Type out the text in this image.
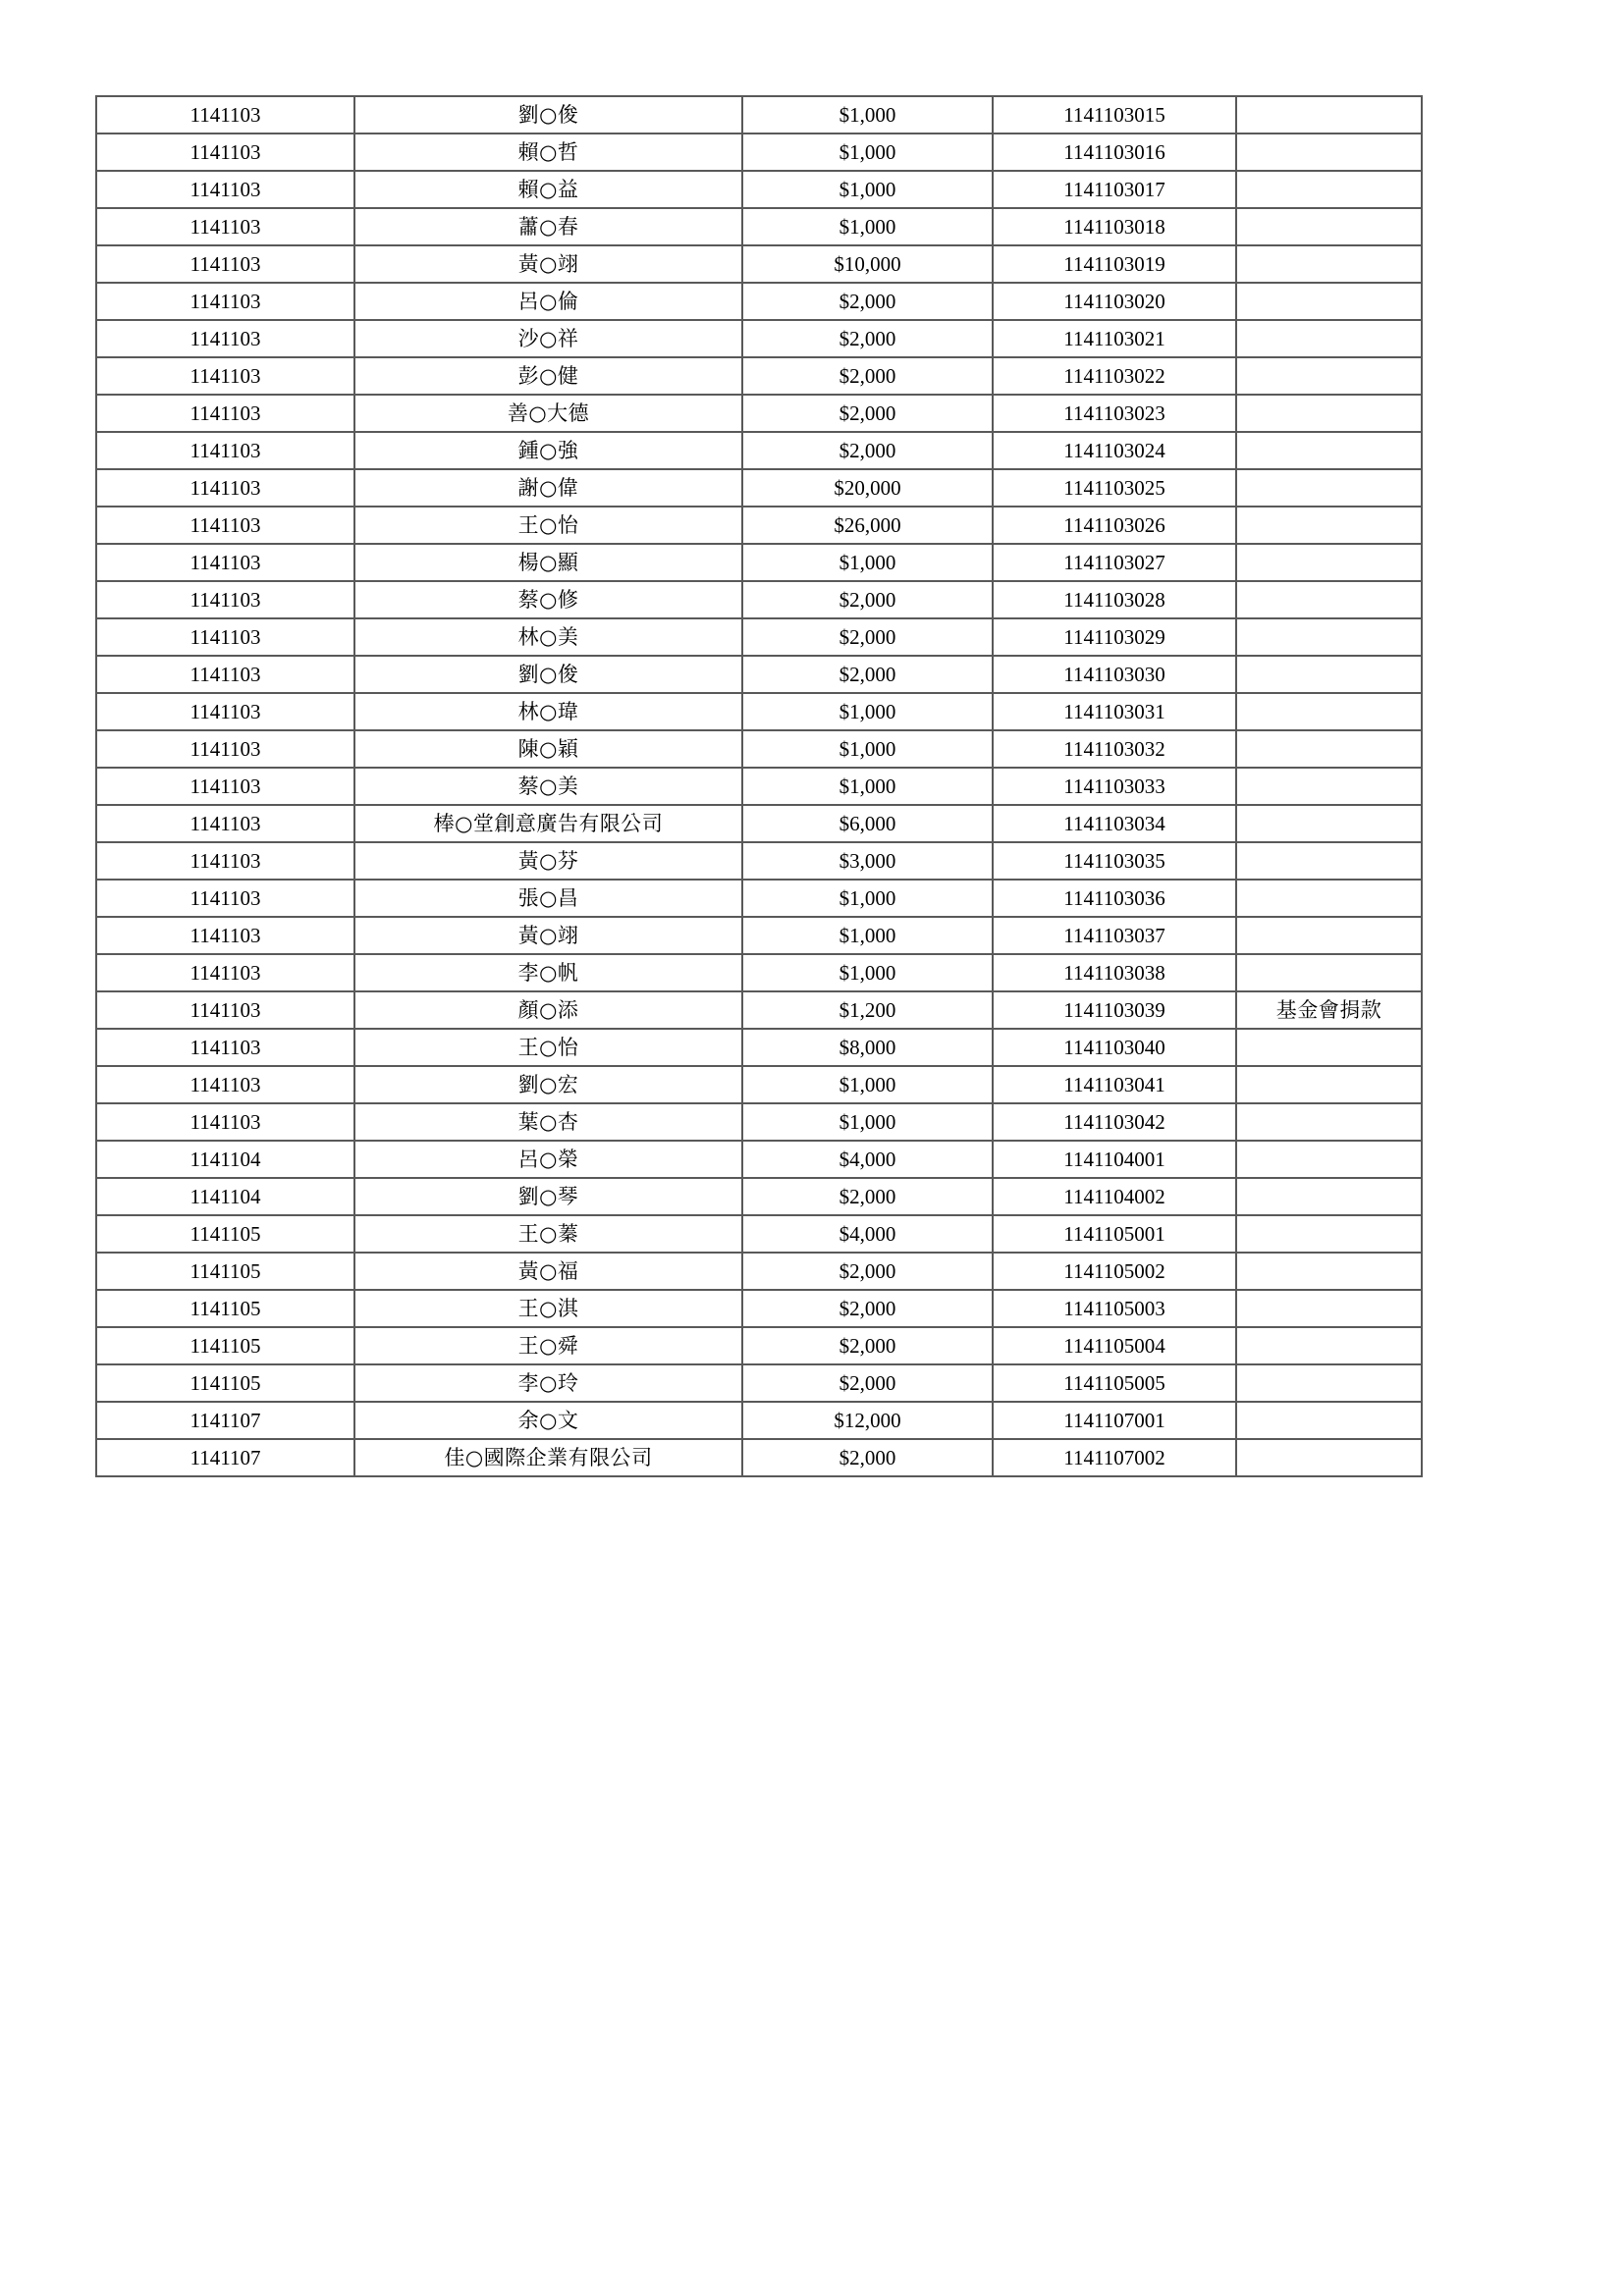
1141103	劉○俊	$1,000	1141103015	
1141103	賴○哲	$1,000	1141103016	
1141103	賴○益	$1,000	1141103017	
1141103	蕭○春	$1,000	1141103018	
1141103	黃○翊	$10,000	1141103019	
1141103	呂○倫	$2,000	1141103020	
1141103	沙○祥	$2,000	1141103021	
1141103	彭○健	$2,000	1141103022	
1141103	善○大德	$2,000	1141103023	
1141103	鍾○強	$2,000	1141103024	
1141103	謝○偉	$20,000	1141103025	
1141103	王○怡	$26,000	1141103026	
1141103	楊○顯	$1,000	1141103027	
1141103	蔡○修	$2,000	1141103028	
1141103	林○美	$2,000	1141103029	
1141103	劉○俊	$2,000	1141103030	
1141103	林○瑋	$1,000	1141103031	
1141103	陳○穎	$1,000	1141103032	
1141103	蔡○美	$1,000	1141103033	
1141103	棒○堂創意廣告有限公司	$6,000	1141103034	
1141103	黃○芬	$3,000	1141103035	
1141103	張○昌	$1,000	1141103036	
1141103	黃○翊	$1,000	1141103037	
1141103	李○帆	$1,000	1141103038	
1141103	顏○添	$1,200	1141103039	基金會捐款
1141103	王○怡	$8,000	1141103040	
1141103	劉○宏	$1,000	1141103041	
1141103	葉○杏	$1,000	1141103042	
1141104	呂○榮	$4,000	1141104001	
1141104	劉○琴	$2,000	1141104002	
1141105	王○蓁	$4,000	1141105001	
1141105	黃○福	$2,000	1141105002	
1141105	王○淇	$2,000	1141105003	
1141105	王○舜	$2,000	1141105004	
1141105	李○玲	$2,000	1141105005	
1141107	余○文	$12,000	1141107001	
1141107	佳○國際企業有限公司	$2,000	1141107002	
